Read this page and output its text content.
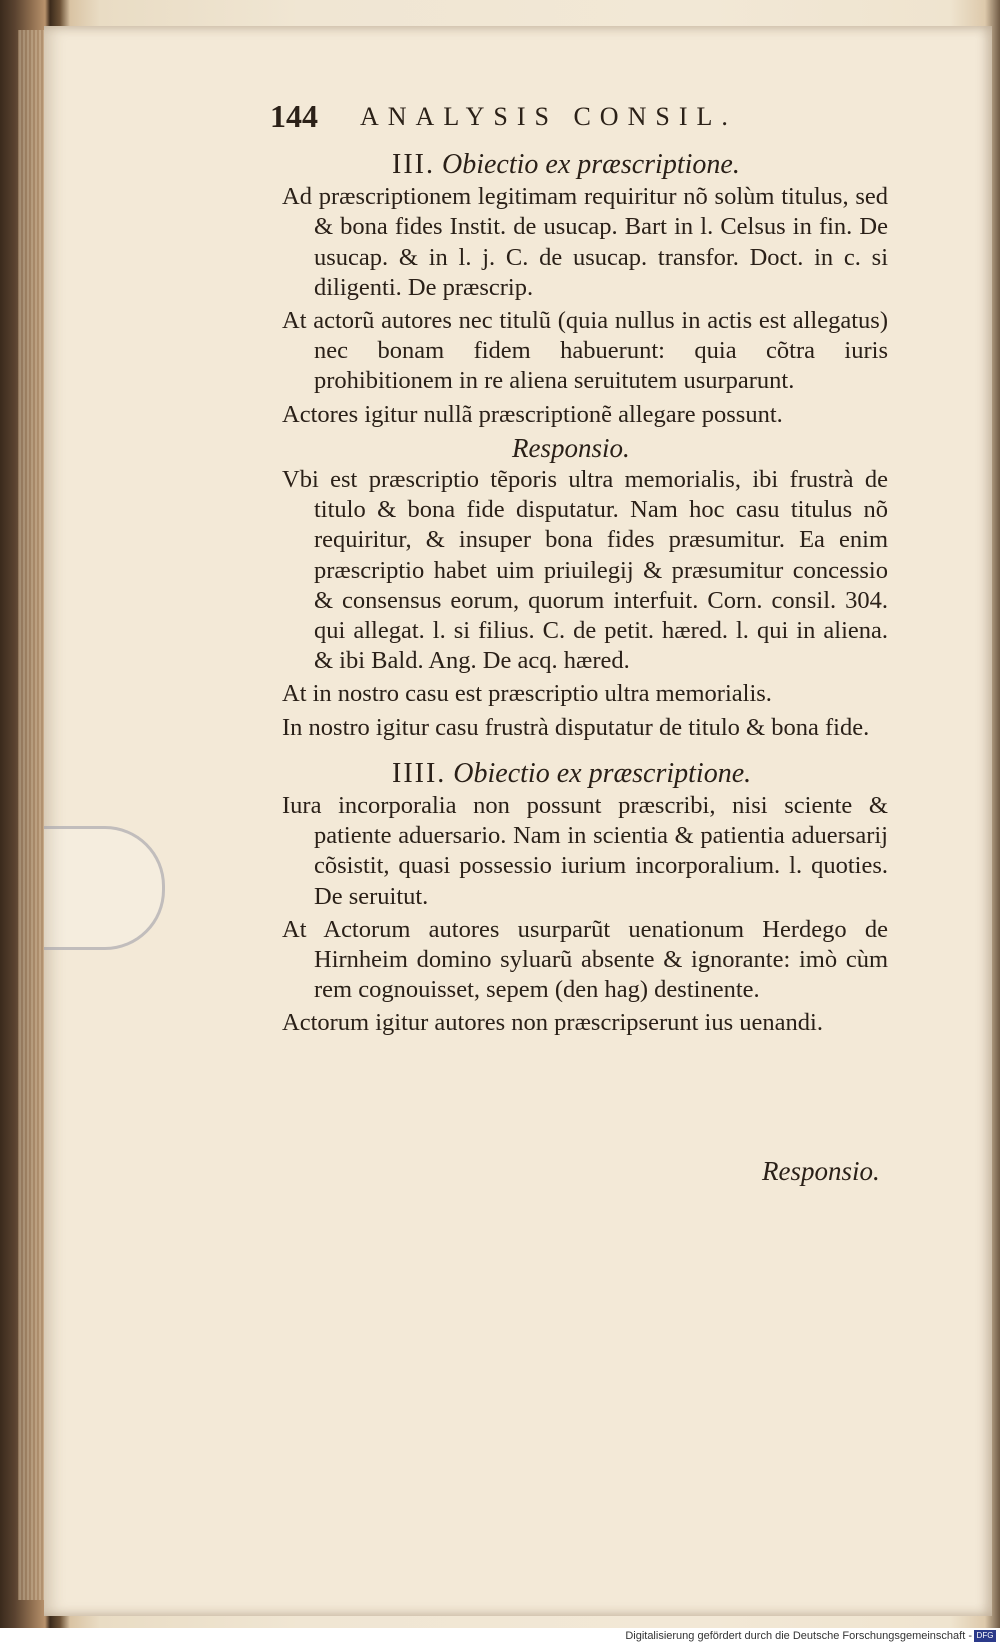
144 ANALYSIS CONSIL.
III. Obiectio ex præscriptione.

Ad præscriptionem legitimam requiritur nõ solùm titulus, sed & bona fides Instit. de usucap. Bart in l. Celsus in fin. De usucap. & in l. j. C. de usucap. transfor. Doct. in c. si diligenti. De præscrip.

At actorũ autores nec titulũ (quia nullus in actis est allegatus) nec bonam fidem habuerunt: quia cõtra iuris prohibitionem in re aliena seruitutem usurparunt.

Actores igitur nullã præscriptionẽ allegare possunt.

Responsio.

Vbi est præscriptio tẽporis ultra memorialis, ibi frustrà de titulo & bona fide disputatur. Nam hoc casu titulus nõ requiritur, & insuper bona fides præsumitur. Ea enim præscriptio habet uim priuilegij & præsumitur concessio & consensus eorum, quorum interfuit. Corn. consil. 304. qui allegat. l. si filius. C. de petit. hæred. l. qui in aliena. & ibi Bald. Ang. De acq. hæred.

At in nostro casu est præscriptio ultra memorialis.

In nostro igitur casu frustrà disputatur de titulo & bona fide.

IIII. Obiectio ex præscriptione.

Iura incorporalia non possunt præscribi, nisi sciente & patiente aduersario. Nam in scientia & patientia aduersarij cõsistit, quasi possessio iurium incorporalium. l. quoties. De seruitut.

At Actorum autores usurparũt uenationum Herdego de Hirnheim domino syluarũ absente & ignorante: imò cùm rem cognouisset, sepem (den hag) destinente.

Actorum igitur autores non præscripserunt ius uenandi.

Responsio.
Digitalisierung gefördert durch die Deutsche Forschungsgemeinschaft - DFG
